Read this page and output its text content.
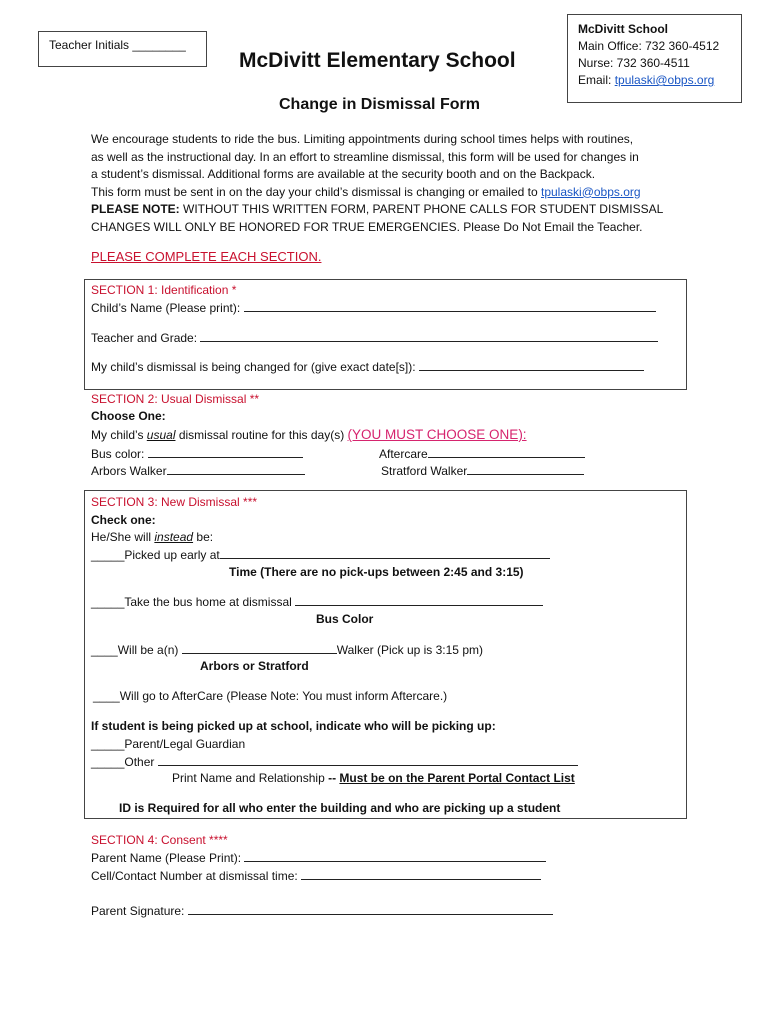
Teacher Initials ________
McDivitt Elementary School
McDivitt School
Main Office: 732 360-4512
Nurse: 732 360-4511
Email: tpulaski@obps.org
Change in Dismissal Form
We encourage students to ride the bus. Limiting appointments during school times helps with routines,
as well as the instructional day. In an effort to streamline dismissal, this form will be used for changes in
a student’s dismissal. Additional forms are available at the security booth and on the Backpack.
This form must be sent in on the day your child’s dismissal is changing or emailed to tpulaski@obps.org
PLEASE NOTE: WITHOUT THIS WRITTEN FORM, PARENT PHONE CALLS FOR STUDENT DISMISSAL
CHANGES WILL ONLY BE HONORED FOR TRUE EMERGENCIES. Please Do Not Email the Teacher.
PLEASE COMPLETE EACH SECTION.
SECTION 1: Identification *
Child’s Name (Please print):
Teacher and Grade:
My child’s dismissal is being changed for (give exact date[s]):
SECTION 2: Usual Dismissal **
Choose One:
My child’s usual dismissal routine for this day(s) (YOU MUST CHOOSE ONE):
Bus color:	Aftercare
Arbors Walker	Stratford Walker
SECTION 3: New Dismissal ***
Check one:
He/She will instead be:
_____Picked up early at
Time (There are no pick-ups between 2:45 and 3:15)
_____Take the bus home at dismissal
Bus Color
____Will be a(n)	Walker (Pick up is 3:15 pm)
Arbors or Stratford
____Will go to AfterCare (Please Note: You must inform Aftercare.)
If student is being picked up at school, indicate who will be picking up:
_____Parent/Legal Guardian
_____Other
Print Name and Relationship -- Must be on the Parent Portal Contact List
ID is Required for all who enter the building and who are picking up a student
SECTION 4: Consent ****
Parent Name (Please Print):
Cell/Contact Number at dismissal time:
Parent Signature:
